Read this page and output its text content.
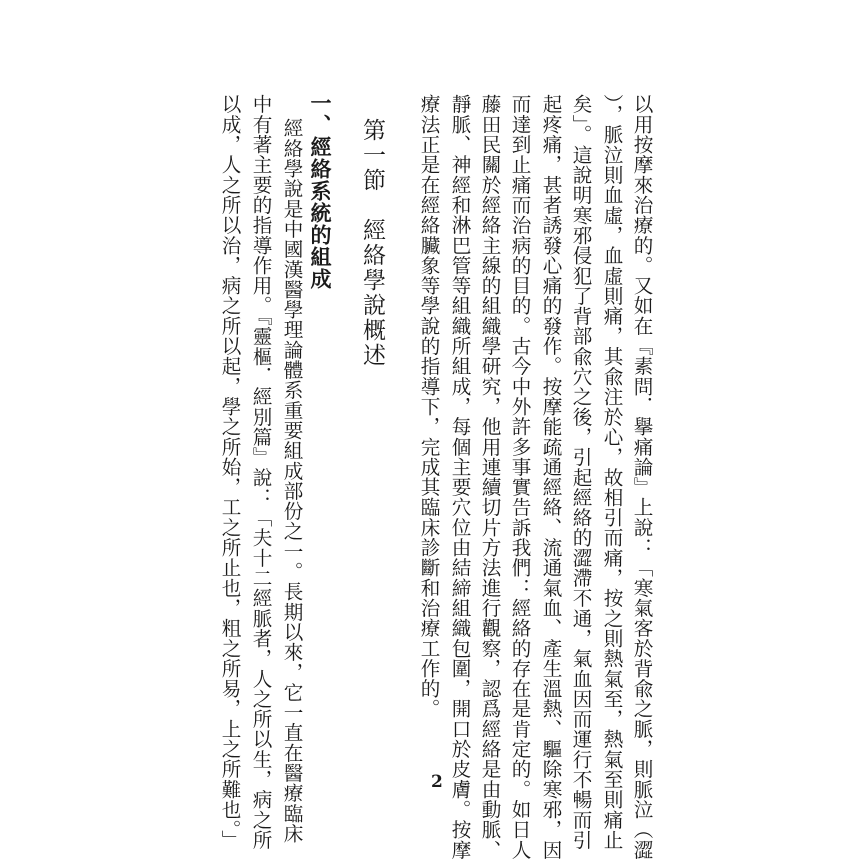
以用按摩來治療的。又如在『素問．擧痛論』上說：「寒氣客於背兪之脈，則脈泣（澀
），脈泣則血虛，血虛則痛，其兪注於心，故相引而痛，按之則熱氣至，熱氣至則痛止
矣」。這說明寒邪侵犯了背部兪穴之後，引起經絡的澀滯不通，氣血因而運行不暢而引
起疼痛，甚者誘發心痛的發作。按摩能疏通經絡、流通氣血、產生溫熱、驅除寒邪，因
而達到止痛而治病的目的。古今中外許多事實告訴我們：經絡的存在是肯定的。如日人
藤田民關於經絡主線的組織學研究，他用連續切片方法進行觀察，認爲經絡是由動脈、
靜脈、神經和淋巴管等組織所組成，每個主要穴位由結締組織包圍，開口於皮膚。按摩
療法正是在經絡臟象等學說的指導下，完成其臨床診斷和治療工作的。
第一節　經絡學說概述
一、經絡系統的組成
經絡學說是中國漢醫學理論體系重要組成部份之一。長期以來，它一直在醫療臨床
中有著主要的指導作用。『靈樞．經別篇』說：「夫十二經脈者，人之所以生，病之所
以成，人之所以治，病之所以起，學之所始，工之所止也，粗之所易，上之所難也。」	2
